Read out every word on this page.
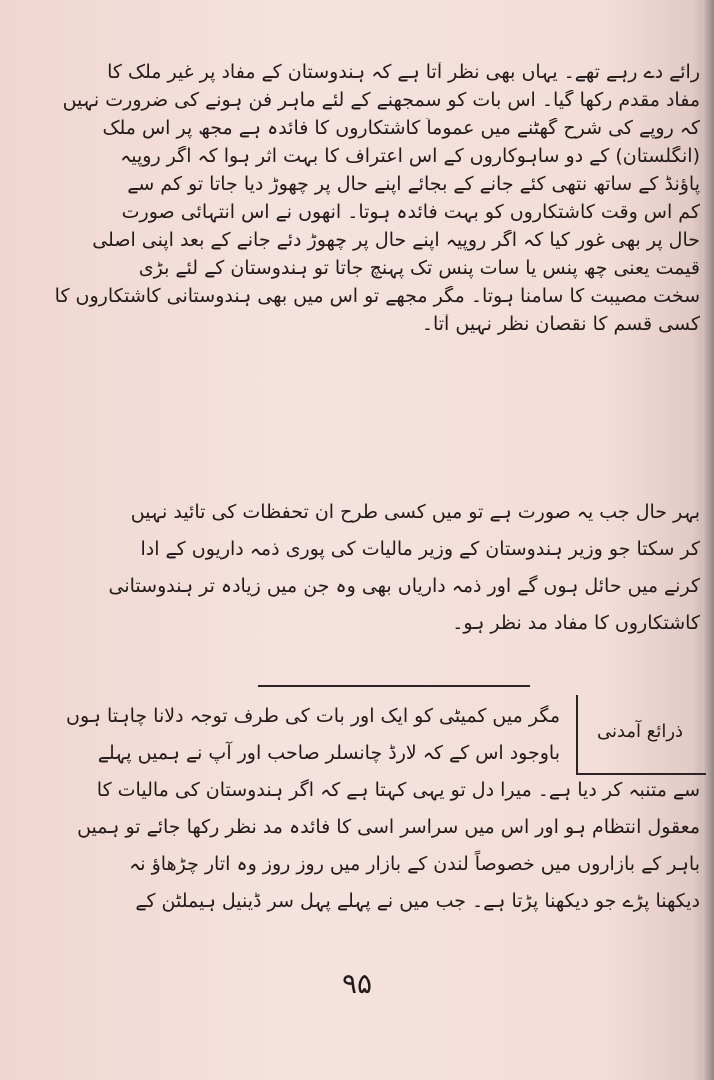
رائے دے رہے تھے۔ یہاں بھی نظر آتا ہے کہ ہندوستان کے مفاد پر غیر ملک کا
مفاد مقدم رکھا گیا۔ اس بات کو سمجھنے کے لئے ماہر فن ہونے کی ضرورت نہیں
کہ روپے کی شرح گھٹنے میں عموماً کاشتکاروں کا فائدہ ہے مجھ پر اس ملک
(انگلستان) کے دو ساہوکاروں کے اس اعتراف کا بہت اثر ہوا کہ اگر روپیہ
پاؤنڈ کے ساتھ نتھی کئے جانے کے بجائے اپنے حال پر چھوڑ دیا جاتا تو کم سے
کم اس وقت کاشتکاروں کو بہت فائدہ ہوتا۔ انھوں نے اس انتہائی صورت
حال پر بھی غور کیا کہ اگر روپیہ اپنے حال پر چھوڑ دئے جانے کے بعد اپنی اصلی
قیمت یعنی چھ پنس یا سات پنس تک پہنچ جاتا تو ہندوستان کے لئے بڑی
سخت مصیبت کا سامنا ہوتا۔ مگر مجھے تو اس میں بھی ہندوستانی کاشتکاروں کا
کسی قسم کا نقصان نظر نہیں آتا۔
بہر حال جب یہ صورت ہے تو میں کسی طرح ان تحفظات کی تائید نہیں
کر سکتا جو وزیر ہندوستان کے وزیر مالیات کی پوری ذمہ داریوں کے ادا
کرنے میں حائل ہوں گے اور ذمہ داریاں بھی وہ جن میں زیادہ تر ہندوستانی
کاشتکاروں کا مفاد مد نظر ہو۔
ذرائع آمدنی
مگر میں کمیٹی کو ایک اور بات کی طرف توجہ دلانا چاہتا ہوں
باوجود اس کے کہ لارڈ چانسلر صاحب اور آپ نے ہمیں پہلے
سے متنبہ کر دیا ہے۔ میرا دل تو یہی کہتا ہے کہ اگر ہندوستان کی مالیات کا
معقول انتظام ہو اور اس میں سراسر اسی کا فائدہ مد نظر رکھا جائے تو ہمیں
باہر کے بازاروں میں خصوصاً لندن کے بازار میں روز روز وہ اتار چڑھاؤ نہ
دیکھنا پڑے جو دیکھنا پڑتا ہے۔ جب میں نے پہلے پہل سر ڈینیل ہیملٹن کے
۹۵
